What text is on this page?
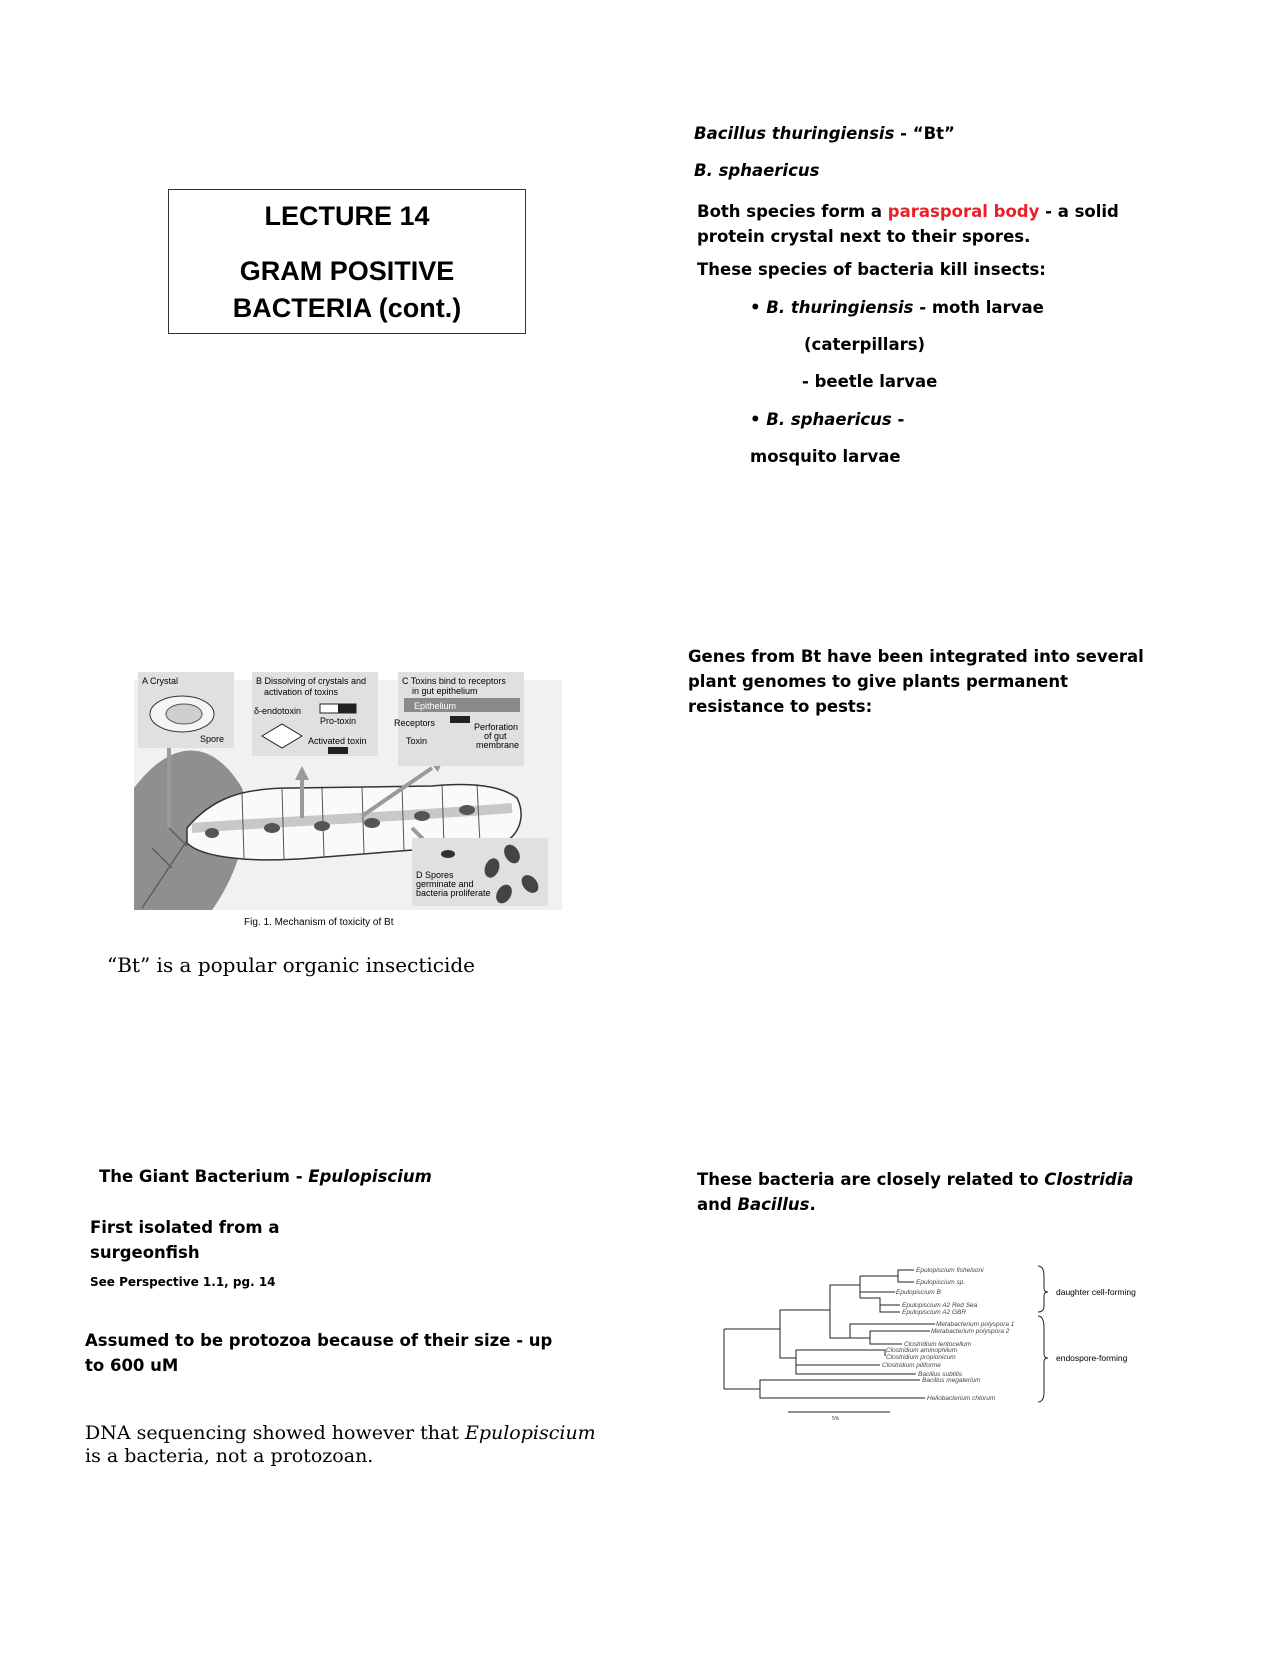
LECTURE 14
GRAM POSITIVE
BACTERIA (cont.)
Bacillus thuringiensis - “Bt”
B. sphaericus
Both species form a parasporal body - a solid
protein crystal next to their spores.
These species of bacteria kill insects:
• B. thuringiensis - moth larvae
(caterpillars)
- beetle larvae
• B. sphaericus -
mosquito larvae
A Crystal
Spore
B Dissolving of crystals and
activation of toxins
δ-endotoxin
Pro-toxin
Activated toxin
C Toxins bind to receptors
in gut epithelium
Epithelium
Receptors
Toxin
Perforation
of gut
membrane
D Spores
germinate and
bacteria proliferate
Fig. 1. Mechanism of toxicity of Bt
“Bt” is a popular organic insecticide
Genes from Bt have been integrated into several
plant genomes to give plants permanent
resistance to pests:
The Giant Bacterium - Epulopiscium
First isolated from a
surgeonfish
See Perspective 1.1, pg. 14
Assumed to be protozoa because of their size - up
to 600 uM
DNA sequencing showed however that Epulopiscium
is a bacteria, not a protozoan.
These bacteria are closely related to Clostridia
and Bacillus.
Epulopiscium fishelsoni
Epulopiscium sp.
Epulopiscium B
Epulopiscium A2 Red Sea
Epulopiscium A2 GBR
Metabacterium polyspora 1
Metabacterium polyspora 2
Clostridium lentocellum
Clostridium aminophilum
Clostridium propionicum
Clostridium piliforme
Bacillus subtilis
Bacillus megaterium
Heliobacterium chlorum
daughter cell-forming
endospore-forming
5%
